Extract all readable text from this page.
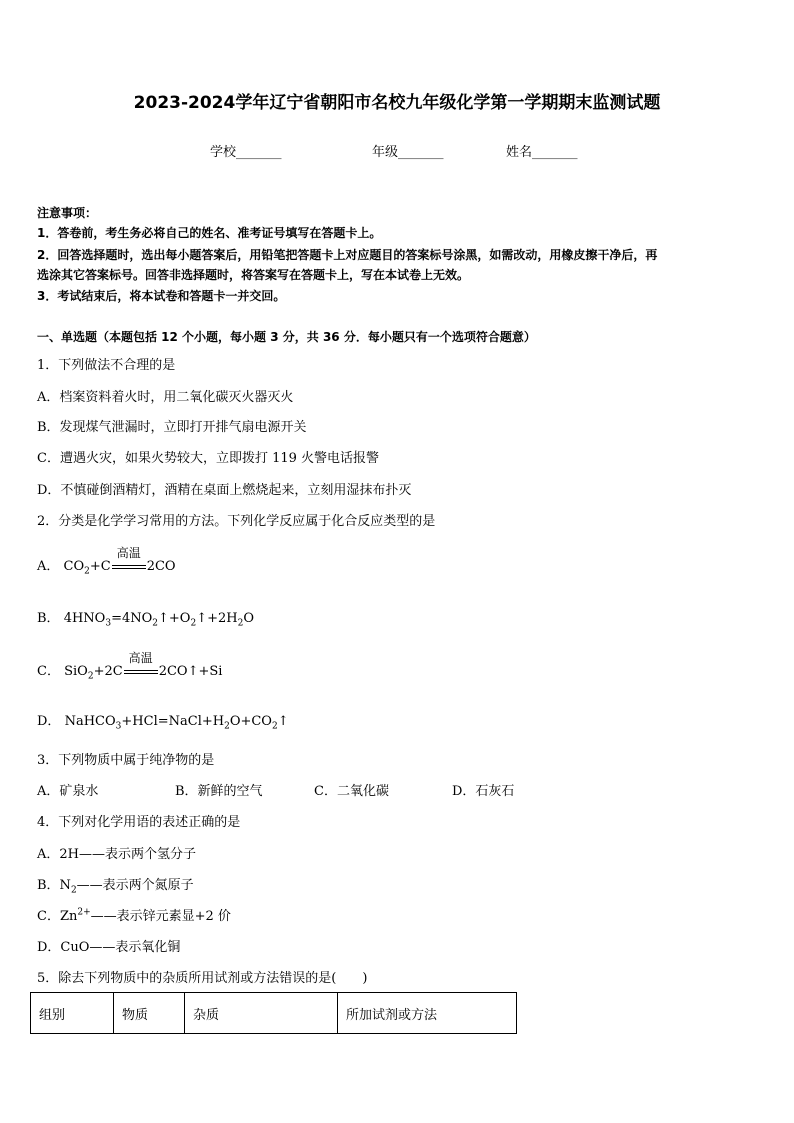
2023-2024学年辽宁省朝阳市名校九年级化学第一学期期末监测试题
学校_______	年级_______	姓名_______
注意事项：
1．答卷前，考生务必将自己的姓名、准考证号填写在答题卡上。
2．回答选择题时，选出每小题答案后，用铅笔把答题卡上对应题目的答案标号涂黑，如需改动，用橡皮擦干净后，再
选涂其它答案标号。回答非选择题时，将答案写在答题卡上，写在本试卷上无效。
3．考试结束后，将本试卷和答题卡一并交回。
一、单选题（本题包括 12 个小题，每小题 3 分，共 36 分．每小题只有一个选项符合题意）
1．下列做法不合理的是
A．档案资料着火时，用二氧化碳灭火器灭火
B．发现煤气泄漏时，立即打开排气扇电源开关
C．遭遇火灾，如果火势较大，立即拨打 119 火警电话报警
D．不慎碰倒酒精灯，酒精在桌面上燃烧起来，立刻用湿抹布扑灭
2．分类是化学学习常用的方法。下列化学反应属于化合反应类型的是
A． $CO_2+C$
高温
2CO
B． $4HNO_3=4NO_2↑+O_2↑+2H_2O$
C． SiO$_2$+2C
高温
2CO↑+Si
D． $NaHCO_3+HCl=NaCl+H_2O+CO_2↑$
3．下列物质中属于纯净物的是
A．矿泉水	B．新鲜的空气	C．二氧化碳	D．石灰石
4．下列对化学用语的表述正确的是
A．2H——表示两个氢分子
B．$N_2——$表示两个氮原子
C．$Zn^{2+}——$表示锌元素显+2 价
D．CuO——表示氧化铜
5．除去下列物质中的杂质所用试剂或方法错误的是(　　)
组别	物质	杂质	所加试剂或方法
